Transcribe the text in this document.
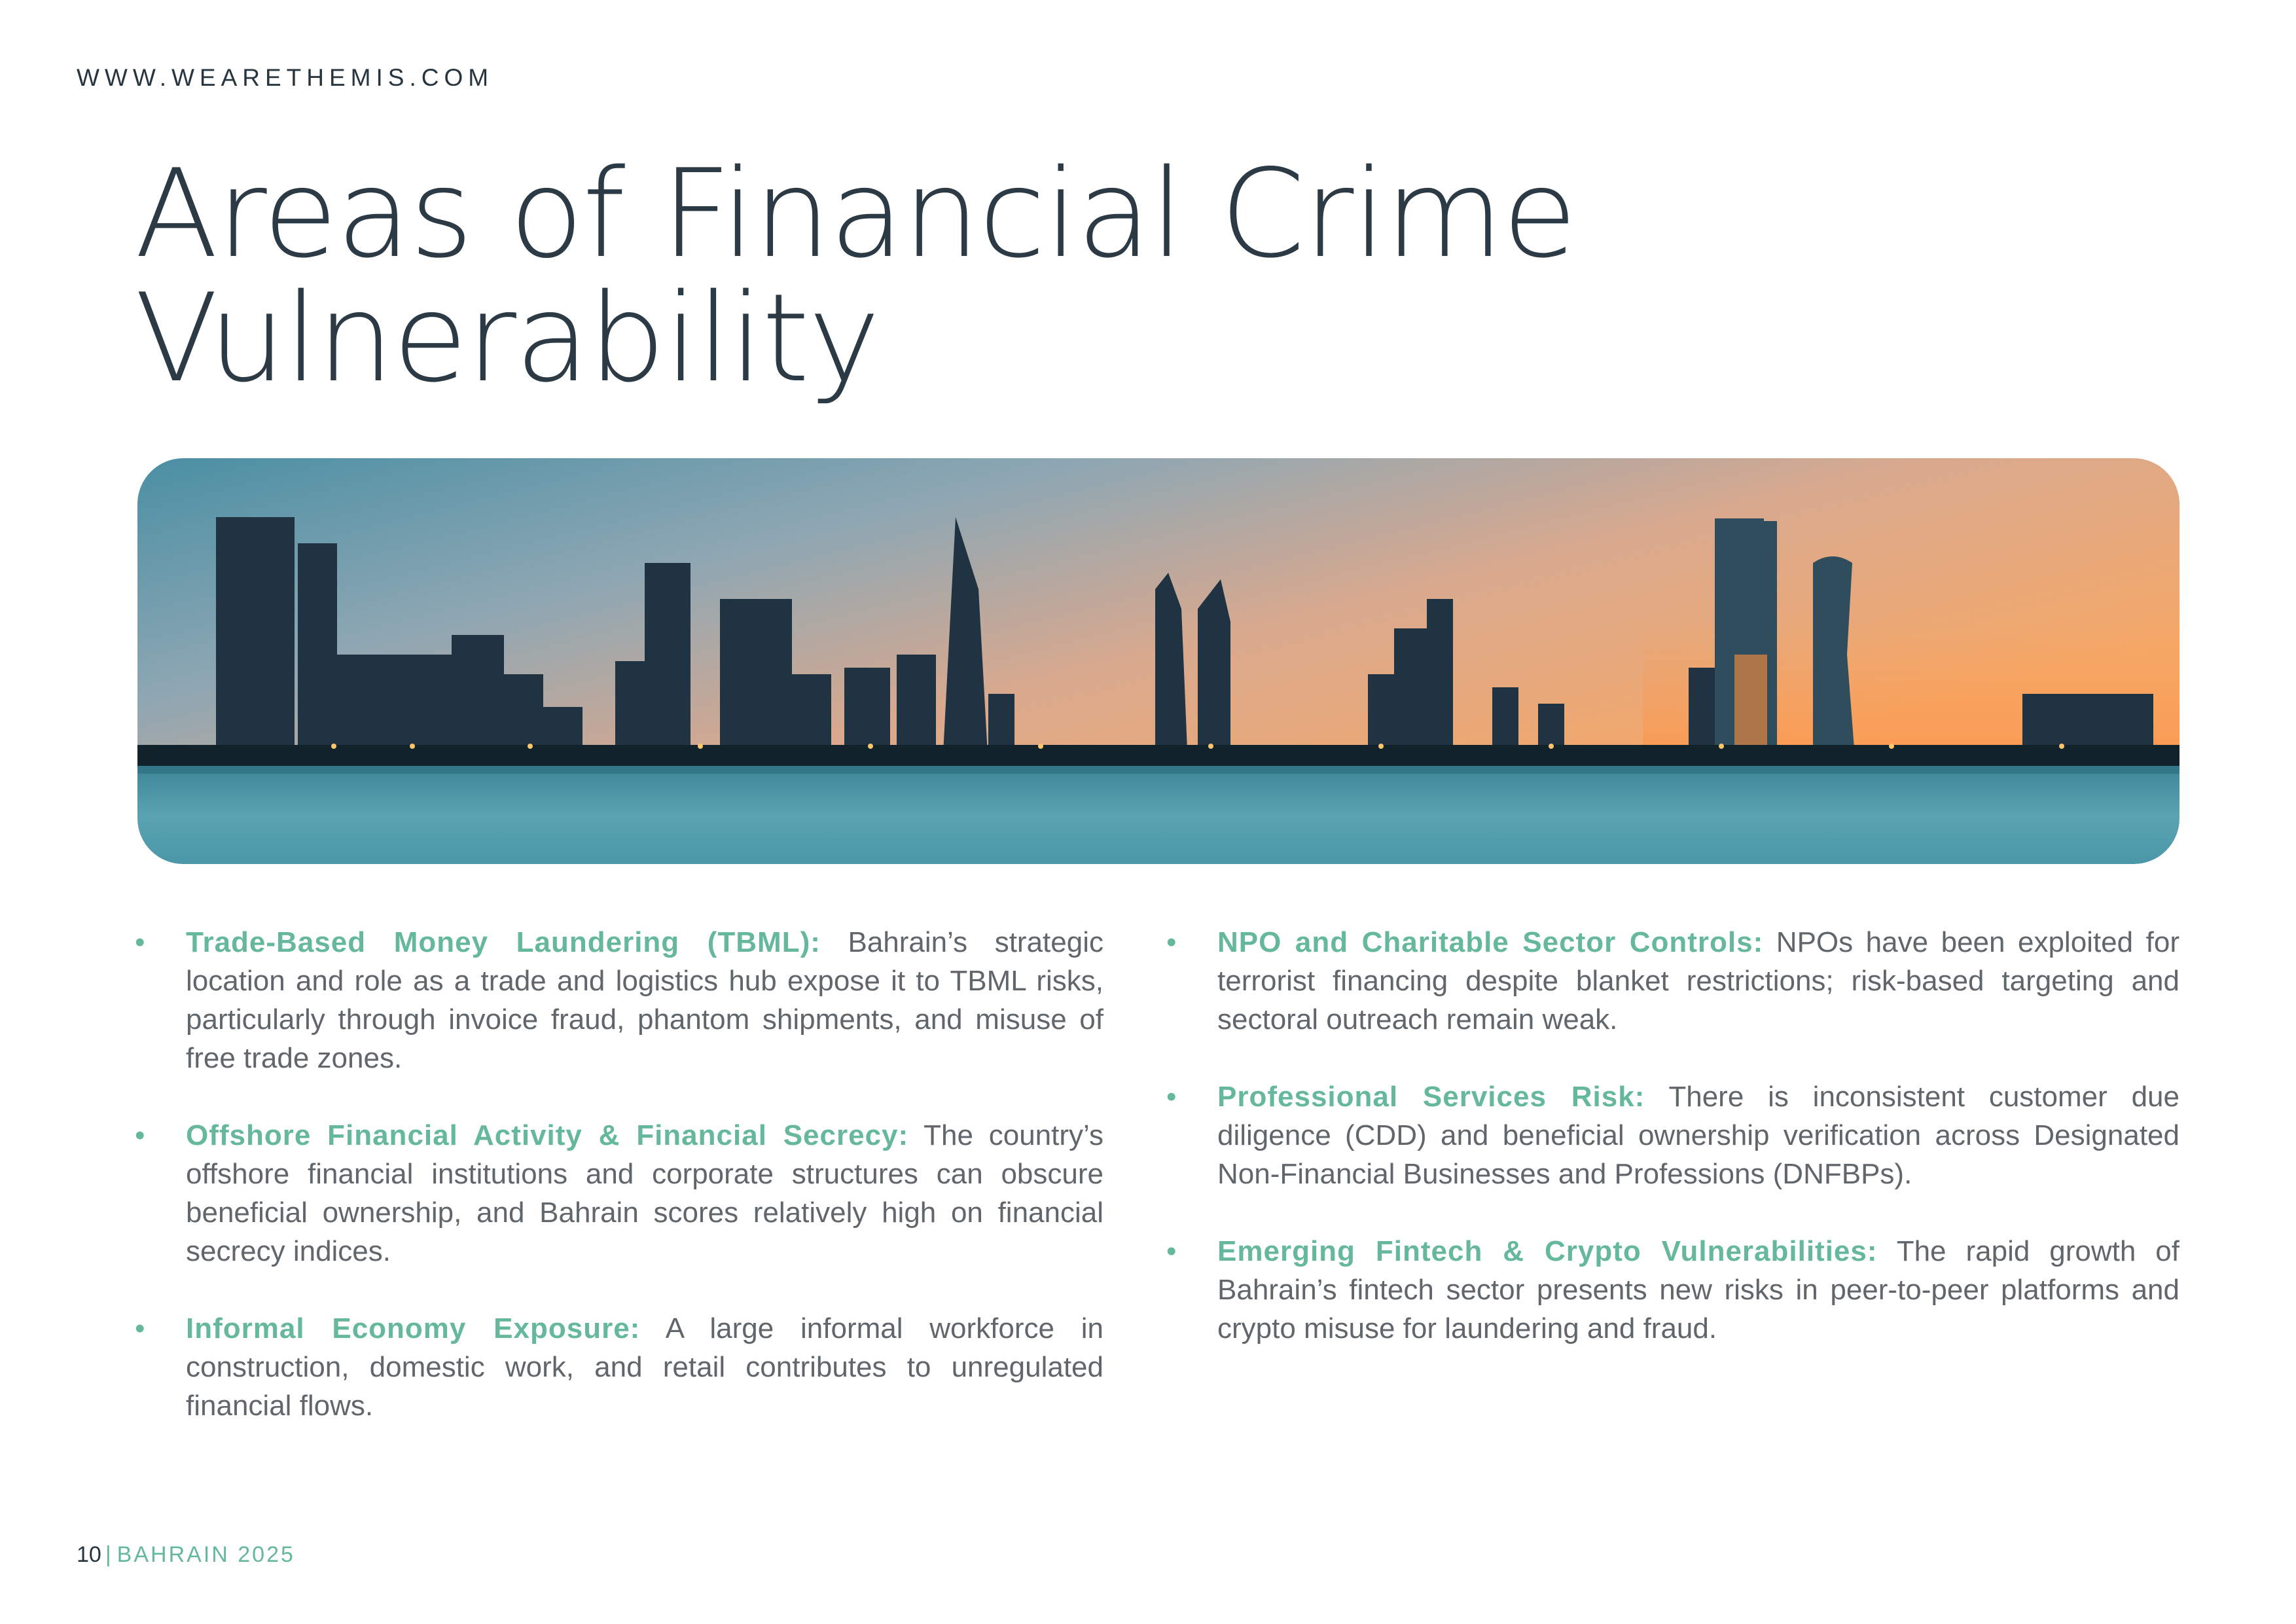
WWW.WEARETHEMIS.COM
Areas of Financial Crime
Vulnerability
• Trade-Based Money Laundering (TBML): Bahrain’s strategic location and role as a trade and logistics hub expose it to TBML risks, particularly through invoice fraud, phantom shipments, and misuse of free trade zones.
• Offshore Financial Activity & Financial Secrecy: The country’s offshore financial institutions and corporate structures can obscure beneficial ownership, and Bahrain scores relatively high on financial secrecy indices.
• Informal Economy Exposure: A large informal workforce in construction, domestic work, and retail contributes to unregulated financial flows.
• NPO and Charitable Sector Controls: NPOs have been exploited for terrorist financing despite blanket restrictions; risk-based targeting and sectoral outreach remain weak.
• Professional Services Risk: There is inconsistent customer due diligence (CDD) and beneficial ownership verification across Designated Non-Financial Businesses and Professions (DNFBPs).
• Emerging Fintech & Crypto Vulnerabilities: The rapid growth of Bahrain’s fintech sector presents new risks in peer-to-peer platforms and crypto misuse for laundering and fraud.
10 | BAHRAIN 2025
